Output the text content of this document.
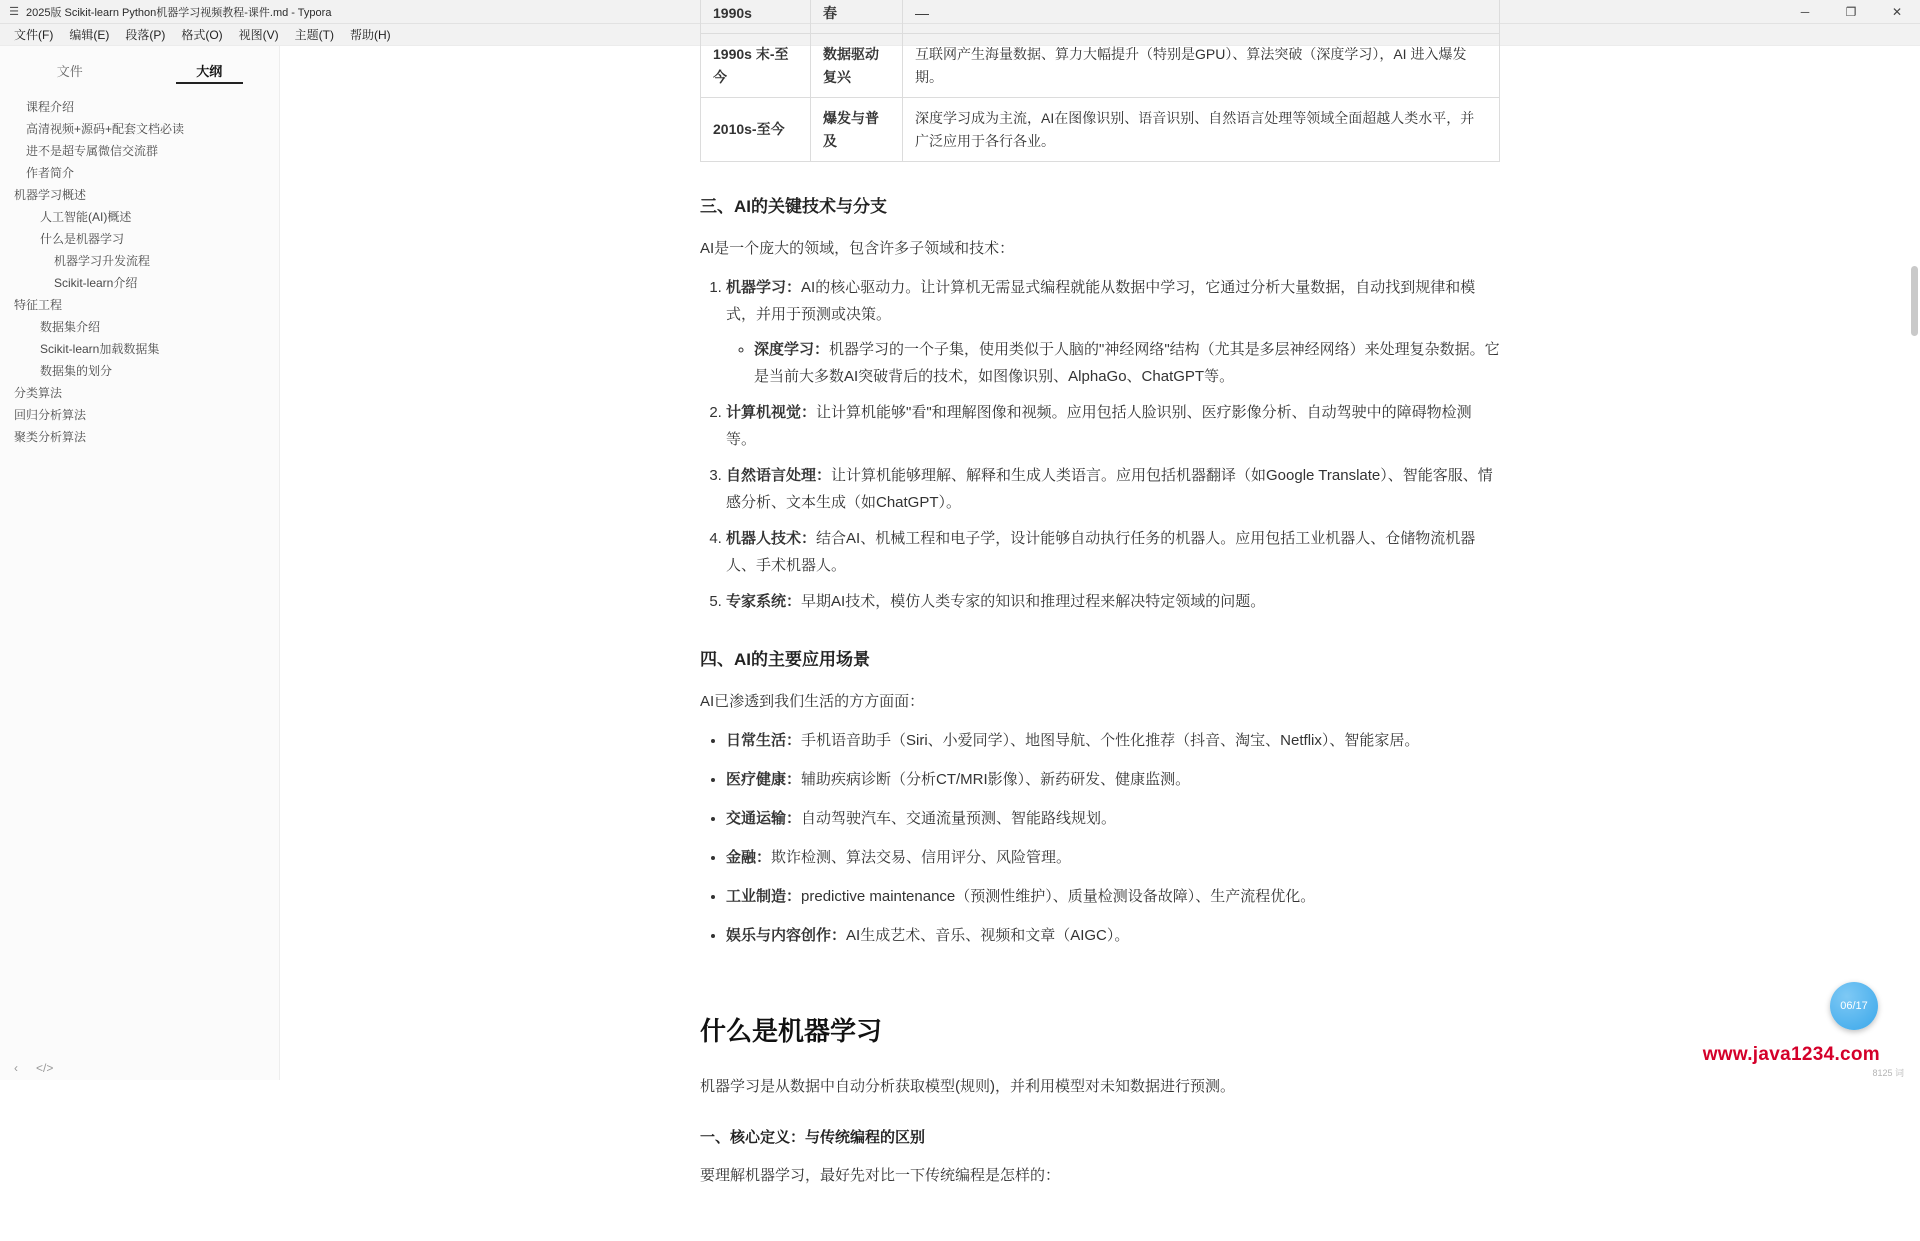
☰ 2025版 Scikit-learn Python机器学习视频教程-课件.md - Typora	─	❐	✕
文件(F)	编辑(E)	段落(P)	格式(O)	视图(V)	主题(T)	帮助(H)
文件	大纲
课程介绍
高清视频+源码+配套文档必读
进不是超专属微信交流群
作者简介
机器学习概述
人工智能(AI)概述
什么是机器学习
机器学习升发流程
Scikit-learn介绍
特征工程
数据集介绍
Scikit-learn加载数据集
数据集的划分
分类算法
回归分析算法
聚类分析算法
‹ </>
1990s	春	—
1990s 末-至今	数据驱动复兴	互联网产生海量数据、算力大幅提升（特别是GPU）、算法突破（深度学习），AI 进入爆发期。
2010s-至今	爆发与普及	深度学习成为主流，AI在图像识别、语音识别、自然语言处理等领域全面超越人类水平，并广泛应用于各行各业。
三、AI的关键技术与分支

AI是一个庞大的领域，包含许多子领域和技术：

1. 机器学习：AI的核心驱动力。让计算机无需显式编程就能从数据中学习，它通过分析大量数据，自动找到规律和模式，并用于预测或决策。
◦ 深度学习：机器学习的一个子集，使用类似于人脑的"神经网络"结构（尤其是多层神经网络）来处理复杂数据。它是当前大多数AI突破背后的技术，如图像识别、AlphaGo、ChatGPT等。
2. 计算机视觉：让计算机能够"看"和理解图像和视频。应用包括人脸识别、医疗影像分析、自动驾驶中的障碍物检测等。
3. 自然语言处理：让计算机能够理解、解释和生成人类语言。应用包括机器翻译（如Google Translate）、智能客服、情感分析、文本生成（如ChatGPT）。
4. 机器人技术：结合AI、机械工程和电子学，设计能够自动执行任务的机器人。应用包括工业机器人、仓储物流机器人、手术机器人。
5. 专家系统：早期AI技术，模仿人类专家的知识和推理过程来解决特定领域的问题。
四、AI的主要应用场景

AI已渗透到我们生活的方方面面：

• 日常生活：手机语音助手（Siri、小爱同学）、地图导航、个性化推荐（抖音、淘宝、Netflix）、智能家居。
• 医疗健康：辅助疾病诊断（分析CT/MRI影像）、新药研发、健康监测。
• 交通运输：自动驾驶汽车、交通流量预测、智能路线规划。
• 金融：欺诈检测、算法交易、信用评分、风险管理。
• 工业制造：predictive maintenance（预测性维护）、质量检测设备故障）、生产流程优化。
• 娱乐与内容创作：AI生成艺术、音乐、视频和文章（AIGC）。
什么是机器学习

机器学习是从数据中自动分析获取模型(规则)，并利用模型对未知数据进行预测。

一、核心定义：与传统编程的区别

要理解机器学习，最好先对比一下传统编程是怎样的：

06/17
www.java1234.com
8125 词
